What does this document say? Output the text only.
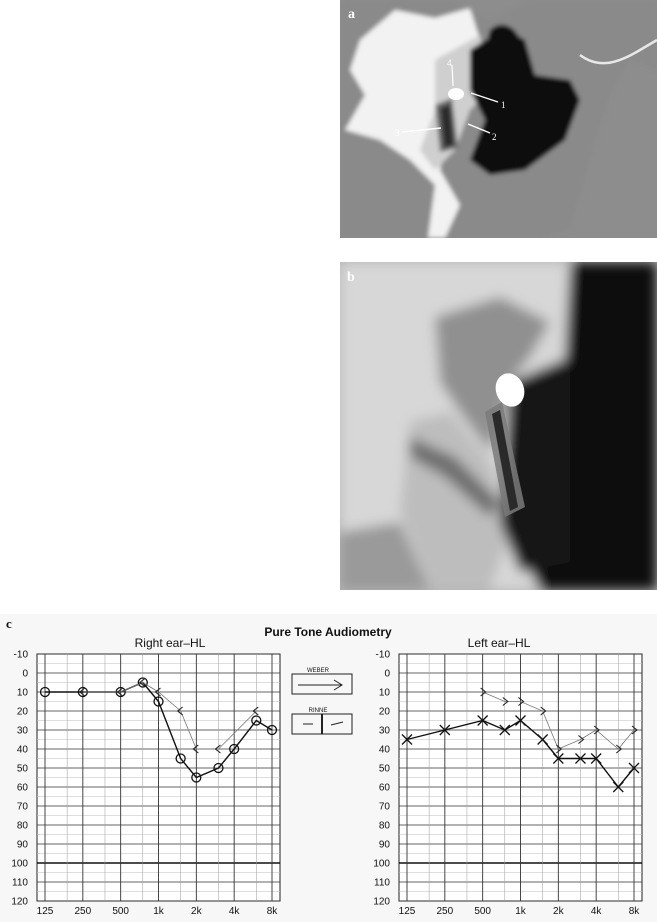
a
1
2
3
4
b
c
Pure Tone Audiometry
Right ear–HL	Left ear–HL
WEBER
RINNE
-10
0
10
20
30
40
50
60
70
80
90
100
110
120
125 250 500 1k	2k	4k	8k
-10
0
10
20
30
40
50
60
70
80
90
100
110
120
125 250 500 1k	2k	4k	8k
